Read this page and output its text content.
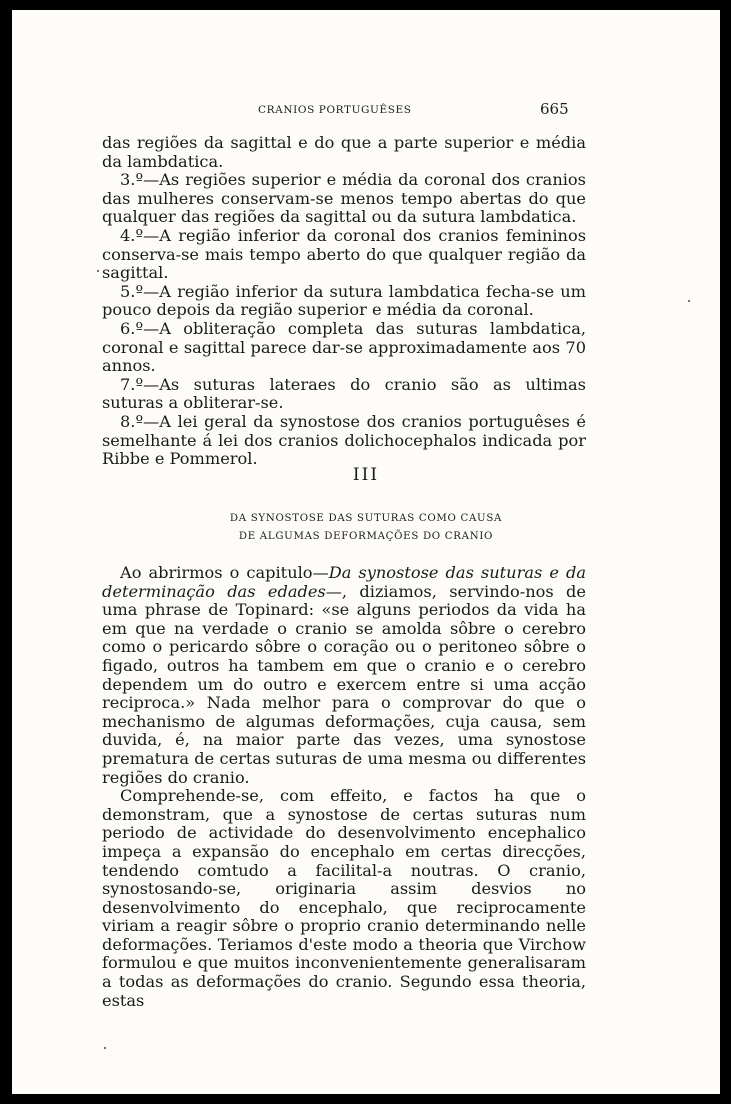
CRANIOS PORTUGUÊSES	665

das regiões da sagittal e do que a parte superior e média da lambdatica.

3.º—As regiões superior e média da coronal dos cranios das mulheres conservam-se menos tempo abertas do que qualquer das regiões da sagittal ou da sutura lambdatica.

4.º—A região inferior da coronal dos cranios femininos conserva-se mais tempo aberto do que qualquer região da sagittal.

5.º—A região inferior da sutura lambdatica fecha-se um pouco depois da região superior e média da coronal.

6.º—A obliteração completa das suturas lambdatica, coronal e sagittal parece dar-se approximadamente aos 70 annos.

7.º—As suturas lateraes do cranio são as ultimas suturas a obliterar-se.

8.º—A lei geral da synostose dos cranios portuguêses é semelhante á lei dos cranios dolichocephalos indicada por Ribbe e Pommerol.

III
DA SYNOSTOSE DAS SUTURAS COMO CAUSA
DE ALGUMAS DEFORMAÇÕES DO CRANIO

Ao abrirmos o capitulo—Da synostose das suturas e da determinação das edades—, diziamos, servindo-nos de uma phrase de Topinard: «se alguns periodos da vida ha em que na verdade o cranio se amolda sôbre o cerebro como o pericardo sôbre o coração ou o peritoneo sôbre o figado, outros ha tambem em que o cranio e o cerebro dependem um do outro e exercem entre si uma acção reciproca.» Nada melhor para o comprovar do que o mechanismo de algumas deformações, cuja causa, sem duvida, é, na maior parte das vezes, uma synostose prematura de certas suturas de uma mesma ou differentes regiões do cranio.

Comprehende-se, com effeito, e factos ha que o demonstram, que a synostose de certas suturas num periodo de actividade do desenvolvimento encephalico impeça a expansão do encephalo em certas direcções, tendendo comtudo a facilital-a noutras. O cranio, synostosando-se, originaria assim desvios no desenvolvimento do encephalo, que reciprocamente viriam a reagir sôbre o proprio cranio determinando nelle deformações. Teriamos d'este modo a theoria que Virchow formulou e que muitos inconvenientemente generalisaram a todas as deformações do cranio. Segundo essa theoria, estas
